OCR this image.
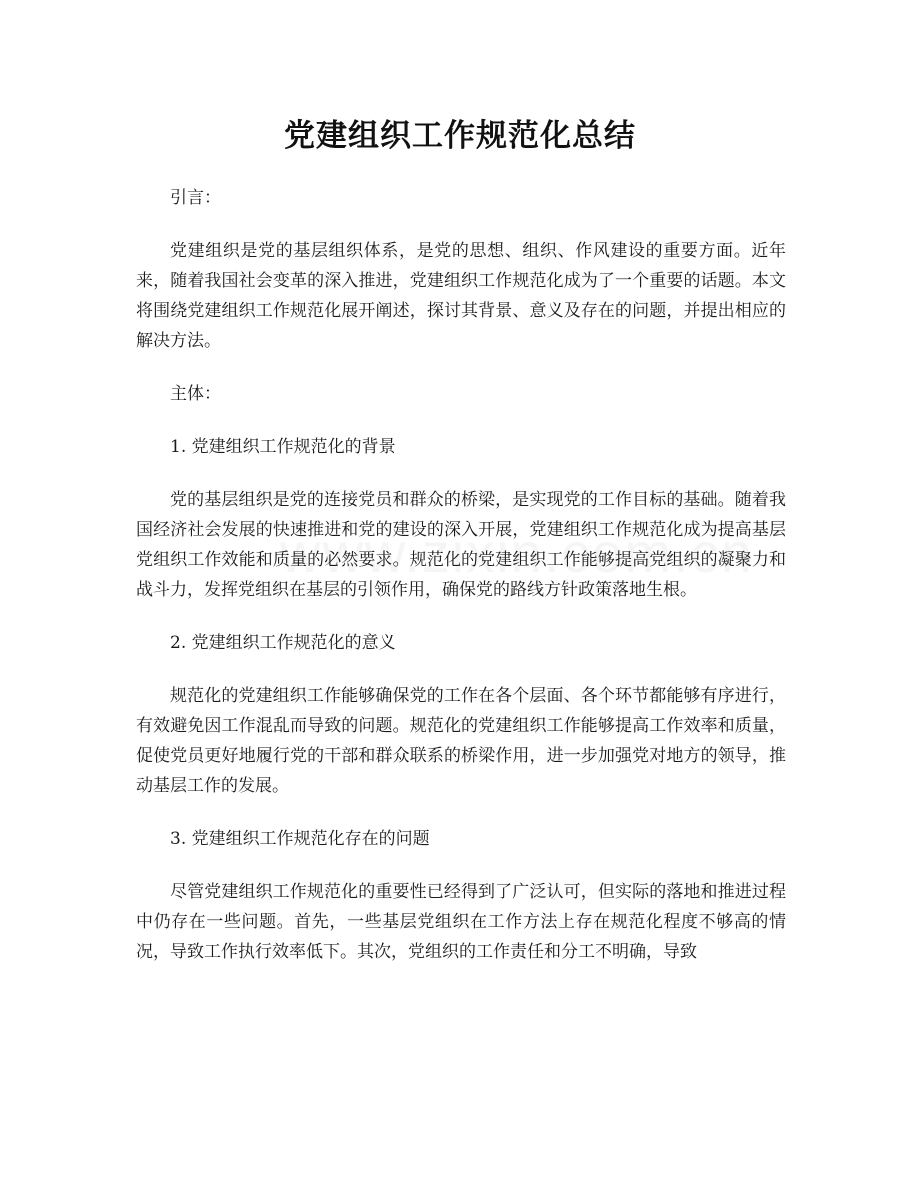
党建组织工作规范化总结

引言：

党建组织是党的基层组织体系，是党的思想、组织、作风建设的重要方面。近年来，随着我国社会变革的深入推进，党建组织工作规范化成为了一个重要的话题。本文将围绕党建组织工作规范化展开阐述，探讨其背景、意义及存在的问题，并提出相应的解决方法。

主体：

1. 党建组织工作规范化的背景

党的基层组织是党的连接党员和群众的桥梁，是实现党的工作目标的基础。随着我国经济社会发展的快速推进和党的建设的深入开展，党建组织工作规范化成为提高基层党组织工作效能和质量的必然要求。规范化的党建组织工作能够提高党组织的凝聚力和战斗力，发挥党组织在基层的引领作用，确保党的路线方针政策落地生根。

2. 党建组织工作规范化的意义

规范化的党建组织工作能够确保党的工作在各个层面、各个环节都能够有序进行，有效避免因工作混乱而导致的问题。规范化的党建组织工作能够提高工作效率和质量，促使党员更好地履行党的干部和群众联系的桥梁作用，进一步加强党对地方的领导，推动基层工作的发展。

3. 党建组织工作规范化存在的问题

尽管党建组织工作规范化的重要性已经得到了广泛认可，但实际的落地和推进过程中仍存在一些问题。首先，一些基层党组织在工作方法上存在规范化程度不够高的情况，导致工作执行效率低下。其次，党组织的工作责任和分工不明确，导致
